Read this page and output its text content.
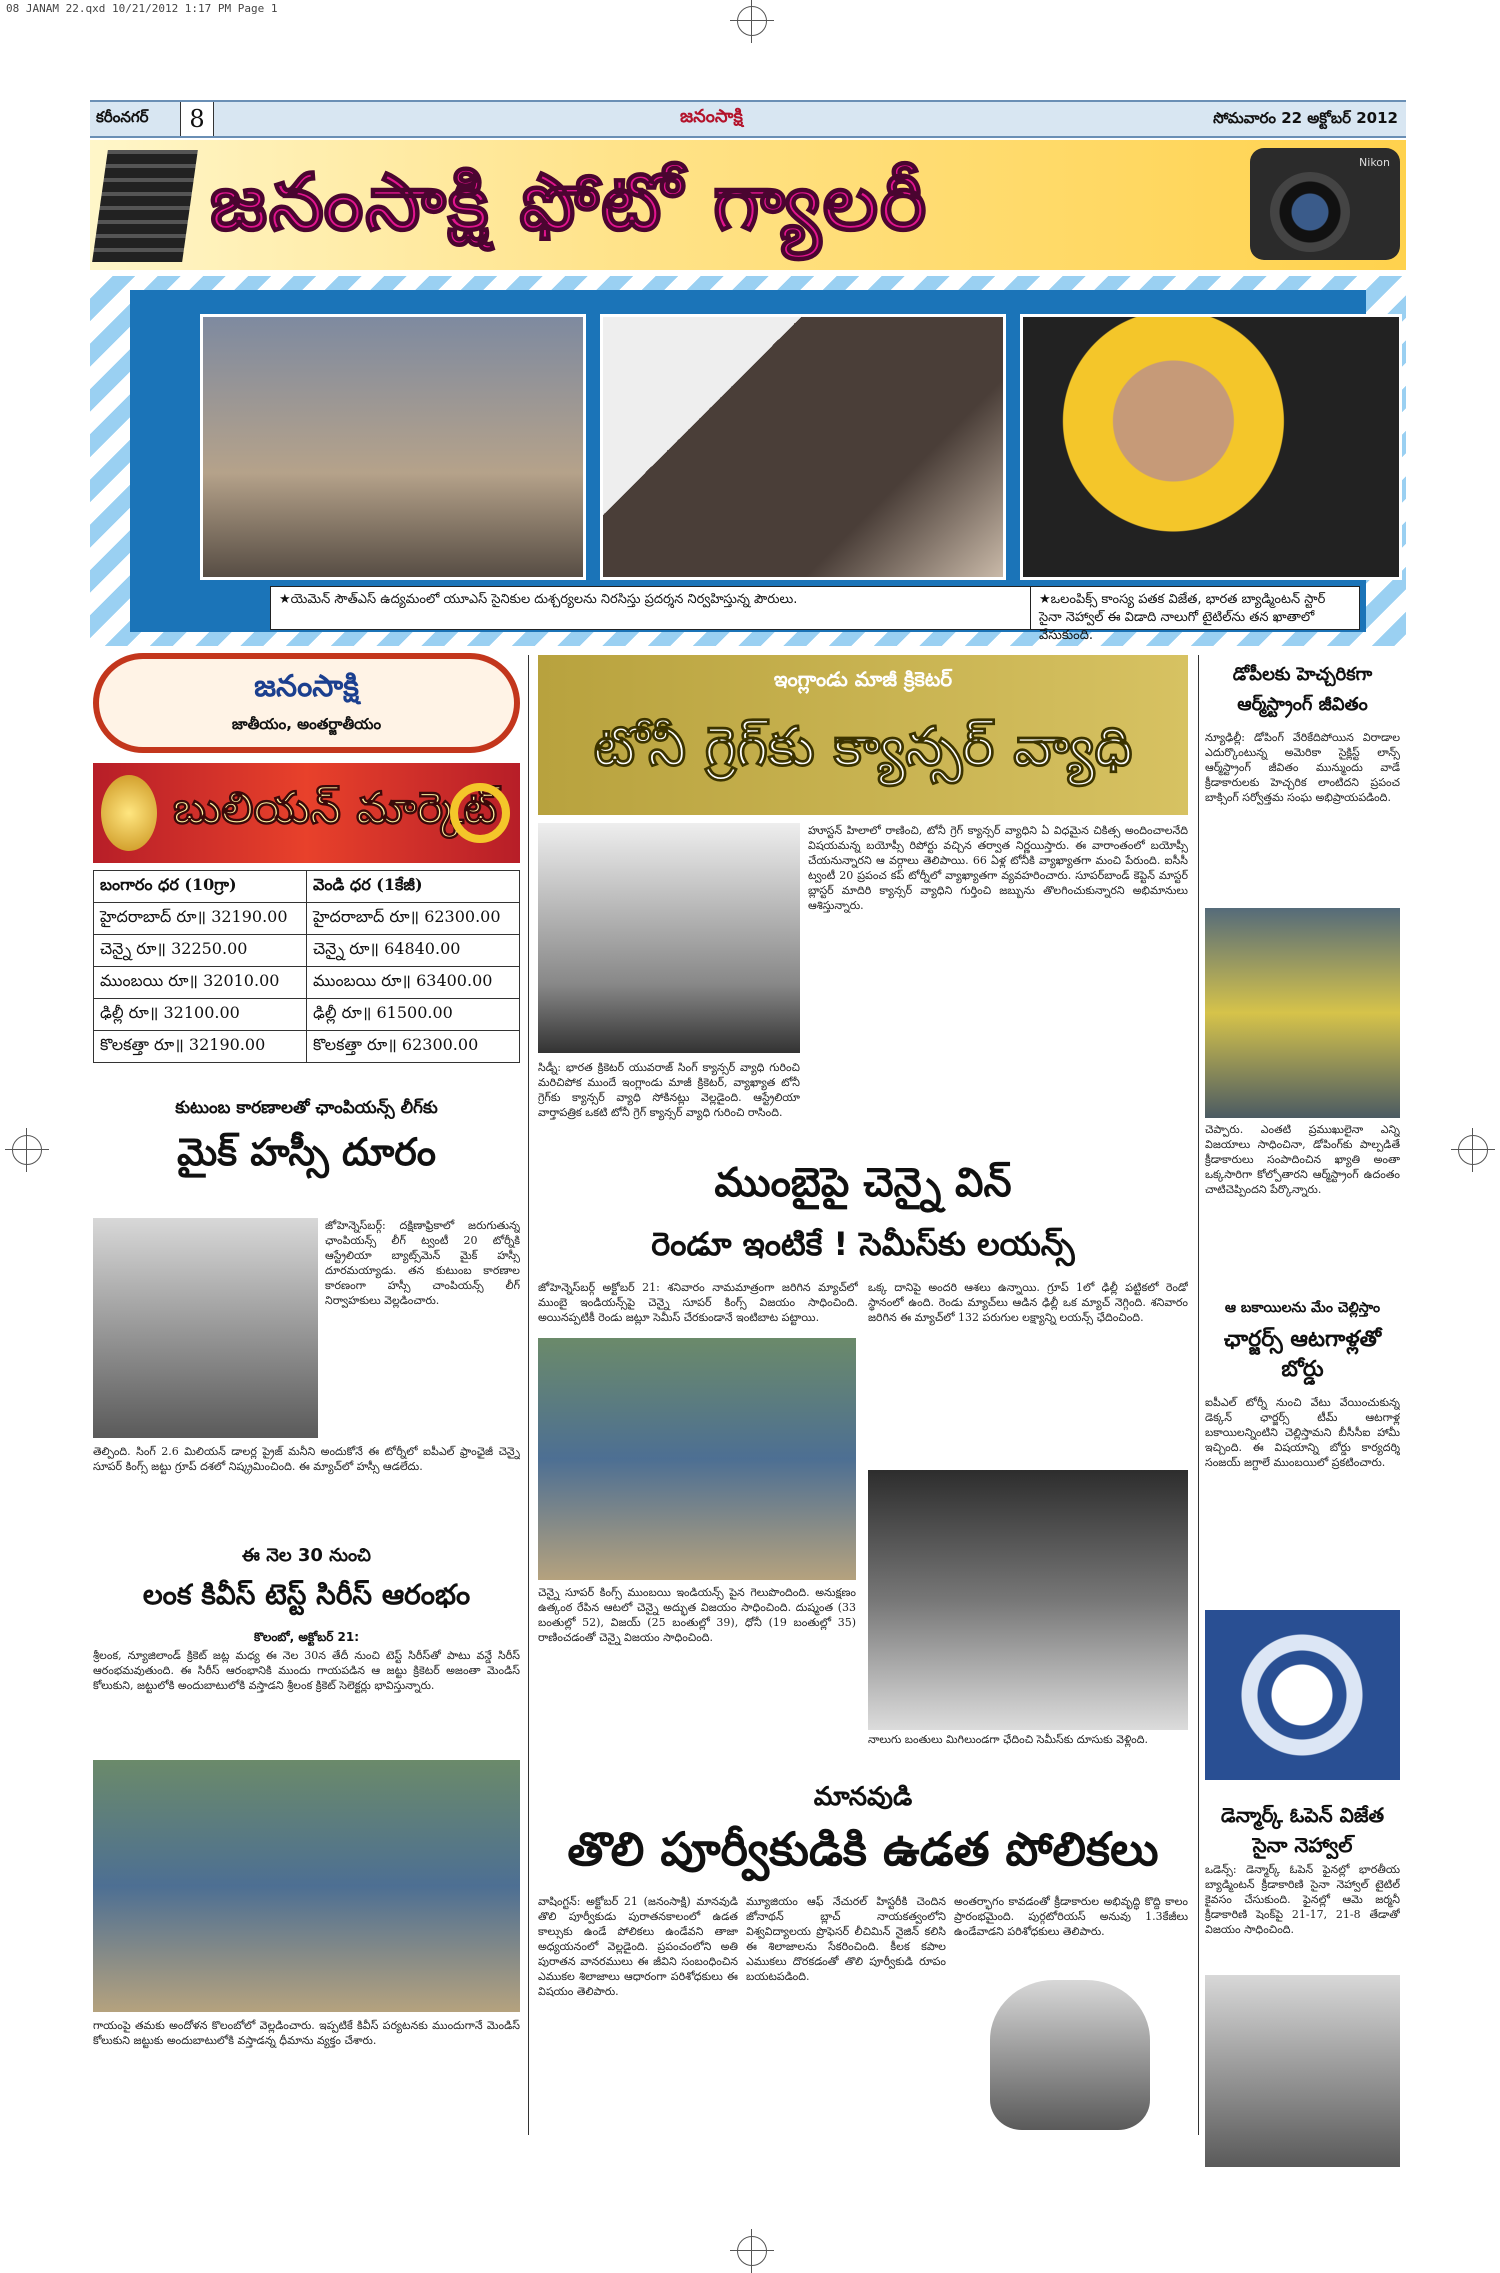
08 JANAM 22.qxd 10/21/2012 1:17 PM Page 1
కరీంనగర్	8	జనంసాక్షి	సోమవారం 22 అక్టోబర్ 2012
జనంసాక్షి ఫోటో గ్యాలరీ	Nikon
★యెమెన్ సౌత్ఎస్ ఉద్యమంలో యూఎస్ సైనికుల దుశ్చర్యలను నిరసిస్తు ప్రదర్శన నిర్వహిస్తున్న పౌరులు.	★ఒలంపిక్స్ కాంస్య పతక విజేత, భారత బ్యాడ్మింటన్ స్టార్ సైనా నెహ్వాల్ ఈ విడాది నాలుగో టైటిల్‌ను తన ఖాతాలో వేసుకుంది.
జనంసాక్షి
జాతీయం, అంతర్జాతీయం
బులియన్ మార్కెట్
బంగారం ధర (10గ్రా)	వెండి ధర (1కేజీ)
హైదరాబాద్ రూ॥ 32190.00	హైదరాబాద్ రూ॥ 62300.00
చెన్నై రూ॥ 32250.00	చెన్నై రూ॥ 64840.00
ముంబయి రూ॥ 32010.00	ముంబయి రూ॥ 63400.00
ఢిల్లీ రూ॥ 32100.00	ఢిల్లీ రూ॥ 61500.00
కొలకత్తా రూ॥ 32190.00	కొలకత్తా రూ॥ 62300.00
కుటుంబ కారణాలతో ఛాంపియన్స్ లీగ్‌కు
మైక్ హస్సీ దూరం
జోహెన్నెస్‌బర్గ్: దక్షిణాఫ్రికాలో జరుగుతున్న ఛాంపియన్స్ లీగ్ ట్వంటీ 20 టోర్నీకి ఆస్ట్రేలియా బ్యాట్స్‌మెన్ మైక్ హస్సీ దూరమయ్యాడు. తన కుటుంబ కారణాల కారణంగా హస్సీ చాంపియన్స్ లీగ్ నిర్వాహకులు వెల్లడించారు.
తెల్పింది. సింగ్ 2.6 మిలియన్ డాలర్ల ప్రైజ్ మనీని అందుకోనే ఈ టోర్నీలో ఐపీఎల్ ఫ్రాంఛైజీ చెన్నై సూపర్ కింగ్స్ జట్టు గ్రూప్ దశలో నిష్క్రమించింది. ఈ మ్యాచ్‌లో హస్సీ ఆడలేదు.
ఈ నెల 30 నుంచి
లంక కివీస్ టెస్ట్ సిరీస్ ఆరంభం
కొలంబో, అక్టోబర్ 21:
శ్రీలంక, న్యూజిలాండ్ క్రికెట్ జట్ల మధ్య ఈ నెల 30న తేదీ నుంచి టెస్ట్ సిరీస్‌తో పాటు వన్డే సిరీస్ ఆరంభమవుతుంది. ఈ సిరీస్ ఆరంభానికి ముందు గాయపడిన ఆ జట్టు క్రికెటర్ అజంతా మెండిస్ కోలుకుని, జట్టులోకి అందుబాటులోకి వస్తాడని శ్రీలంక క్రికెట్ సెలెక్టర్లు భావిస్తున్నారు.
గాయంపై తమకు అందోళన కొలంబోలో వెల్లడించారు. ఇప్పటికే కివీస్ పర్యటనకు ముందుగానే మెండిస్ కోలుకుని జట్టుకు అందుబాటులోకి వస్తాడన్న ధీమాను వ్యక్తం చేశారు.
ఇంగ్లాండు మాజీ క్రికెటర్
టోనీ గ్రెగ్‌కు క్యాన్సర్ వ్యాధి
హూస్టన్‌ హిలాలో రాణించి, టోనీ గ్రెగ్ క్యాన్సర్ వ్యాధిని ఏ విధమైన చికిత్స అందించాలనేది విషయమన్న బయోప్సీ రిపోర్టు వచ్చిన తర్వాత నిర్ణయిస్తారు. ఈ వారాంతంలో బయోప్సీ చేయనున్నారని ఆ వర్గాలు తెలిపాయి. 66 ఏళ్ల టోనీకి వ్యాఖ్యాతగా మంచి పేరుంది. ఐసీసీ ట్వంటీ 20 ప్రపంచ కప్ టోర్నీలో వ్యాఖ్యాతగా వ్యవహరించారు. సూపర్‌బాండ్ కెప్టెన్ మాస్టర్ బ్లాస్టర్ మాదిరి క్యాన్సర్ వ్యాధిని గుర్తించి జబ్బును తొలగించుకున్నారని అభిమానులు ఆశిస్తున్నారు.
సిడ్నీ: భారత క్రికెటర్ యువరాజ్ సింగ్ క్యాన్సర్ వ్యాధి గురించి మరిచిపోక ముందే ఇంగ్లాండు మాజీ క్రికెటర్, వ్యాఖ్యాత టోనీ గ్రెగ్‌కు క్యాన్సర్ వ్యాధి సోకినట్లు వెల్లడైంది. ఆస్ట్రేలియా వార్తాపత్రిక ఒకటి టోనీ గ్రెగ్ క్యాన్సర్ వ్యాధి గురించి రాసింది.
ముంబైపై చెన్నై విన్
రెండూ ఇంటికే ! సెమీస్‌కు లయన్స్
జోహెన్నెస్‌బర్గ్ అక్టోబర్ 21: శనివారం నామమాత్రంగా జరిగిన మ్యాచ్‌లో ముంబై ఇండియన్స్‌పై చెన్నై సూపర్ కింగ్స్ విజయం సాధించింది. అయినప్పటికీ రెండు జట్లూ సెమీస్ చేరకుండానే ఇంటిబాట పట్టాయి.
ఒక్క దానిపై అందరి ఆశలు ఉన్నాయి. గ్రూప్ 1లో ఢిల్లీ పట్టికలో రెండో స్థానంలో ఉంది. రెండు మ్యాచ్‌లు ఆడిన ఢిల్లీ ఒక మ్యాచ్ నెగ్గింది. శనివారం జరిగిన ఈ మ్యాచ్‌లో 132 పరుగుల లక్ష్యాన్ని లయన్స్ ఛేదించింది.
చెన్నై సూపర్ కింగ్స్ ముంబయి ఇండియన్స్ పైన గెలుపొందింది. అనుక్షణం ఉత్కంఠ రేపిన ఆటలో చెన్నై అద్భుత విజయం సాధించింది. దుష్మంత (33 బంతుల్లో 52), విజయ్ (25 బంతుల్లో 39), ధోనీ (19 బంతుల్లో 35) రాణించడంతో చెన్నై విజయం సాధించింది.
నాలుగు బంతులు మిగిలుండగా ఛేదించి సెమీస్‌కు దూసుకు వెళ్లింది.
మానవుడి
తొలి పూర్వీకుడికి ఉడత పోలికలు
వాషింగ్టన్: అక్టోబర్ 21 (జనంసాక్షి) మానవుడి తొలి పూర్వీకుడు పురాతనకాలంలో ఉడత కాల్సుకు ఉండే పోలికలు ఉండేవని తాజా అధ్యయనంలో వెల్లడైంది. ప్రపంచంలోని అతి పురాతన వానరములు ఈ జీవిని సంబంధించిన ఎముకల శిలాజాలు ఆధారంగా పరిశోధకులు ఈ విషయం తెలిపారు.
మ్యూజియం ఆఫ్ నేచురల్ హిస్టరీకి చెందిన జోనాథన్ బ్లాచ్ నాయకత్వంలోని విశ్వవిద్యాలయ ప్రొఫెసర్ లీచిమిన్ నైజిన్ కలిసి ఈ శిలాజాలను సేకరించింది. కీలక కపాల ఎముకలు దొరకడంతో తొలి పూర్వీకుడి రూపం బయటపడింది.
అంతర్భాగం కావడంతో క్రీడాకారుల అభివృద్ధి కొద్ది కాలం ప్రారంభమైంది. పుర్గటోరియస్ అనువు 1.3కేజీలు ఉండేవాడని పరిశోధకులు తెలిపారు.
డోపీలకు హెచ్చరికగా ఆర్మ్‌స్ట్రాంగ్ జీవితం
న్యూఢిల్లీ: డోపింగ్ వేరికేదిపోయిన విరాడాల ఎదుర్కొంటున్న అమెరికా సైక్లిస్ట్ లాన్స్ ఆర్మ్‌స్ట్రాంగ్ జీవితం మున్ముందు వాడే క్రీడాకారులకు హెచ్చరిక లాంటిదని ప్రపంచ బాక్సింగ్ సర్వోత్తమ సంఘ అభిప్రాయపడింది.
చెప్పారు. ఎంతటి ప్రముఖులైనా ఎన్ని విజయాలు సాధించినా, డోపింగ్‌కు పాల్పడితే క్రీడాకారులు సంపాదించిన ఖ్యాతి అంతా ఒక్కసారిగా కోల్పోతారని ఆర్మ్‌స్ట్రాంగ్ ఉదంతం చాటిచెప్పిందని పేర్కొన్నారు.
ఆ బకాయిలను మేం చెల్లిస్తాం
ఛార్జర్స్ ఆటగాళ్లతో బోర్డు
ఐపీఎల్ టోర్నీ నుంచి వేటు వేయించుకున్న డెక్కన్ ఛార్జర్స్ టీమ్ ఆటగాళ్ల బకాయిలన్నింటిని చెల్లిస్తామని బీసీసీఐ హామీ ఇచ్చింది. ఈ విషయాన్ని బోర్డు కార్యదర్శి సంజయ్ జగ్దాలే ముంబయిలో ప్రకటించారు.
డెన్మార్క్ ఓపెన్ విజేత సైనా నెహ్వాల్
ఒడెన్స్: డెన్మార్క్ ఓపెన్ ఫైనల్లో భారతీయ బ్యాడ్మింటన్ క్రీడాకారిణి సైనా నెహ్వాల్ టైటిల్ కైవసం చేసుకుంది. ఫైనల్లో ఆమె జర్మనీ క్రీడాకారిణి షెంక్‌పై 21-17, 21-8 తేడాతో విజయం సాధించింది.
